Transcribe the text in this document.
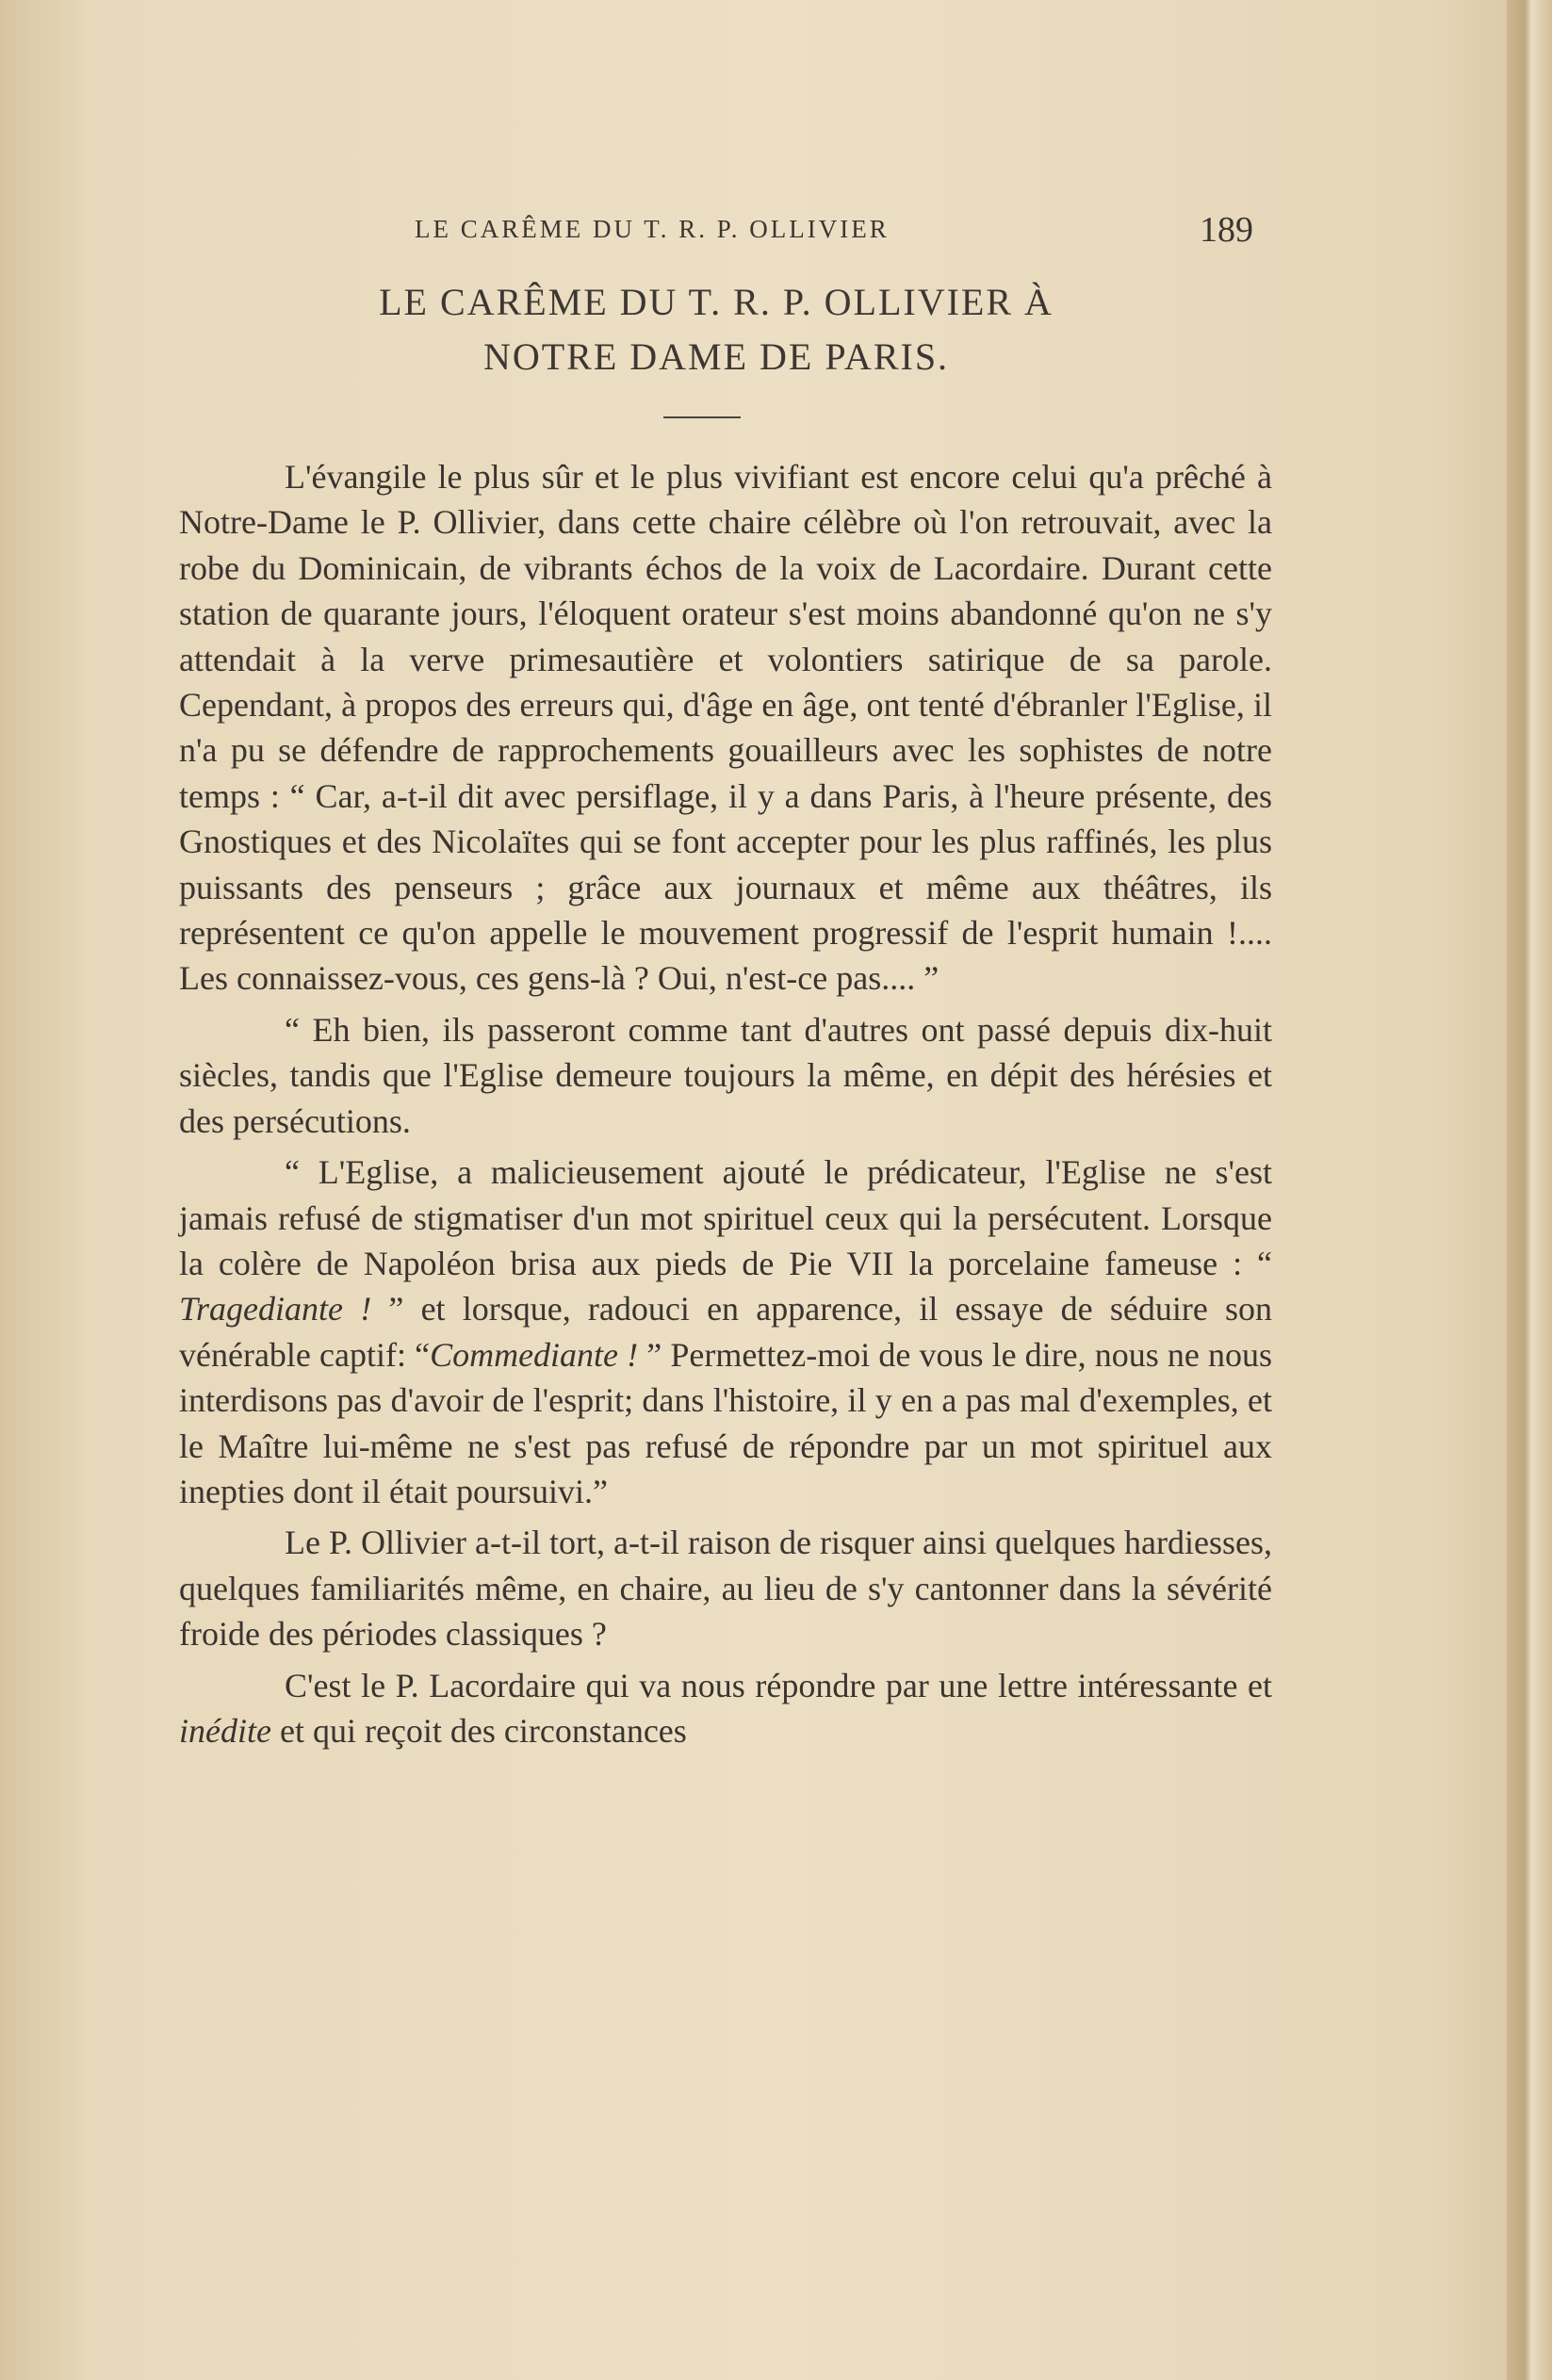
LE CARÊME DU T. R. P. OLLIVIER	189
LE CARÊME DU T. R. P. OLLIVIER À
NOTRE DAME DE PARIS.

L'évangile le plus sûr et le plus vivifiant est encore celui qu'a prêché à Notre-Dame le P. Ollivier, dans cette chaire célèbre où l'on retrouvait, avec la robe du Dominicain, de vibrants échos de la voix de Lacordaire. Durant cette station de quarante jours, l'éloquent orateur s'est moins abandonné qu'on ne s'y attendait à la verve primesautière et volontiers satirique de sa parole. Cependant, à propos des erreurs qui, d'âge en âge, ont tenté d'ébranler l'Eglise, il n'a pu se défendre de rapprochements gouailleurs avec les sophistes de notre temps : “ Car, a-t-il dit avec persiflage, il y a dans Paris, à l'heure présente, des Gnostiques et des Nicolaïtes qui se font accepter pour les plus raffinés, les plus puissants des penseurs ; grâce aux journaux et même aux théâtres, ils représentent ce qu'on appelle le mouvement progressif de l'esprit humain !.... Les connaissez-vous, ces gens-là ? Oui, n'est-ce pas.... ”

“ Eh bien, ils passeront comme tant d'autres ont passé depuis dix-huit siècles, tandis que l'Eglise demeure toujours la même, en dépit des hérésies et des persécutions.

“ L'Eglise, a malicieusement ajouté le prédicateur, l'Eglise ne s'est jamais refusé de stigmatiser d'un mot spirituel ceux qui la persécutent. Lorsque la colère de Napoléon brisa aux pieds de Pie VII la porcelaine fameuse : “ Tragediante ! ” et lorsque, radouci en apparence, il essaye de séduire son vénérable captif: “Commediante ! ” Permettez-moi de vous le dire, nous ne nous interdisons pas d'avoir de l'esprit; dans l'histoire, il y en a pas mal d'exemples, et le Maître lui-même ne s'est pas refusé de répondre par un mot spirituel aux inepties dont il était poursuivi.”

Le P. Ollivier a-t-il tort, a-t-il raison de risquer ainsi quelques hardiesses, quelques familiarités même, en chaire, au lieu de s'y cantonner dans la sévérité froide des périodes classiques ?

C'est le P. Lacordaire qui va nous répondre par une lettre intéressante et inédite et qui reçoit des circonstances
